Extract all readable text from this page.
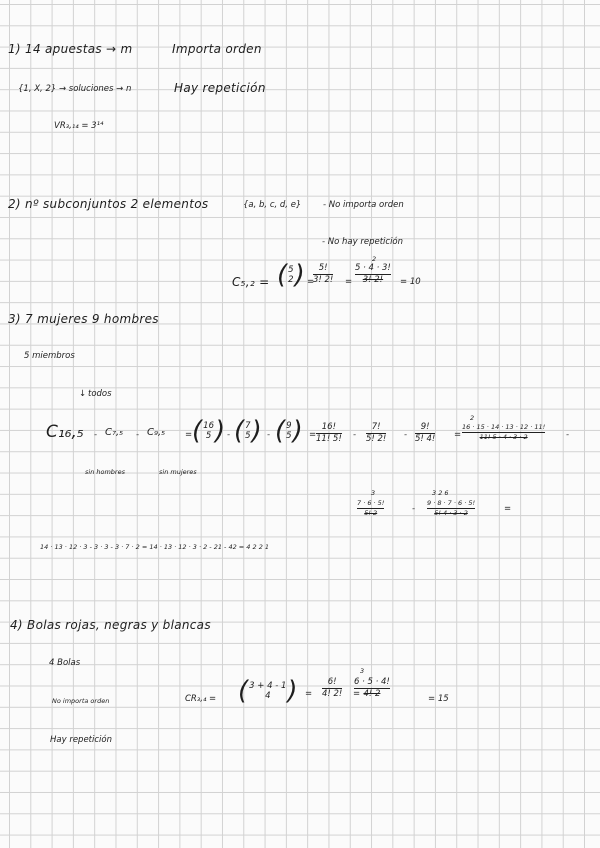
1) 14 apuestas → m	Importa orden
{1, X, 2} → soluciones → n	Hay repetición
VR₃,₁₄ = 3¹⁴
2) nº subconjuntos 2 elementos	{a, b, c, d, e}	- No importa orden
- No hay repetición
C₅,₂ = ( 5
2 ) =
5!
3! 2! =
2
5 · 4 · 3!
3! 2! = 10
3) 7 mujeres 9 hombres
5 miembros
↓ todos
C₁₆,₅ - C₇,₅ - C₉,₅ = ( 16
5 ) - ( 7
5 ) - ( 9
5 ) =
16!
11! 5! -
7!
5! 2! -
9!
5! 4! =
2
16 · 15 · 14 · 13 · 12 · 11!
11! 5 · 4 · 3 · 2	-
sin hombres	sin mujeres
3
7 · 6 · 5!
5! 2	-
3 2 6
9 · 8 · 7 · 6 · 5!
5! 4 · 3 · 2	=
14 · 13 · 12 · 3 - 3 · 3 - 3 · 7 · 2 = 14 · 13 · 12 · 3 · 2 - 21 - 42 = 4 2 2 1
4) Bolas rojas, negras y blancas
4 Bolas
No importa orden	CR₃,₄ = ( 3 + 4 - 1
4 ) =
6!
4! 2! =
3
6 · 5 · 4!
4! 2
= 15
Hay repetición
